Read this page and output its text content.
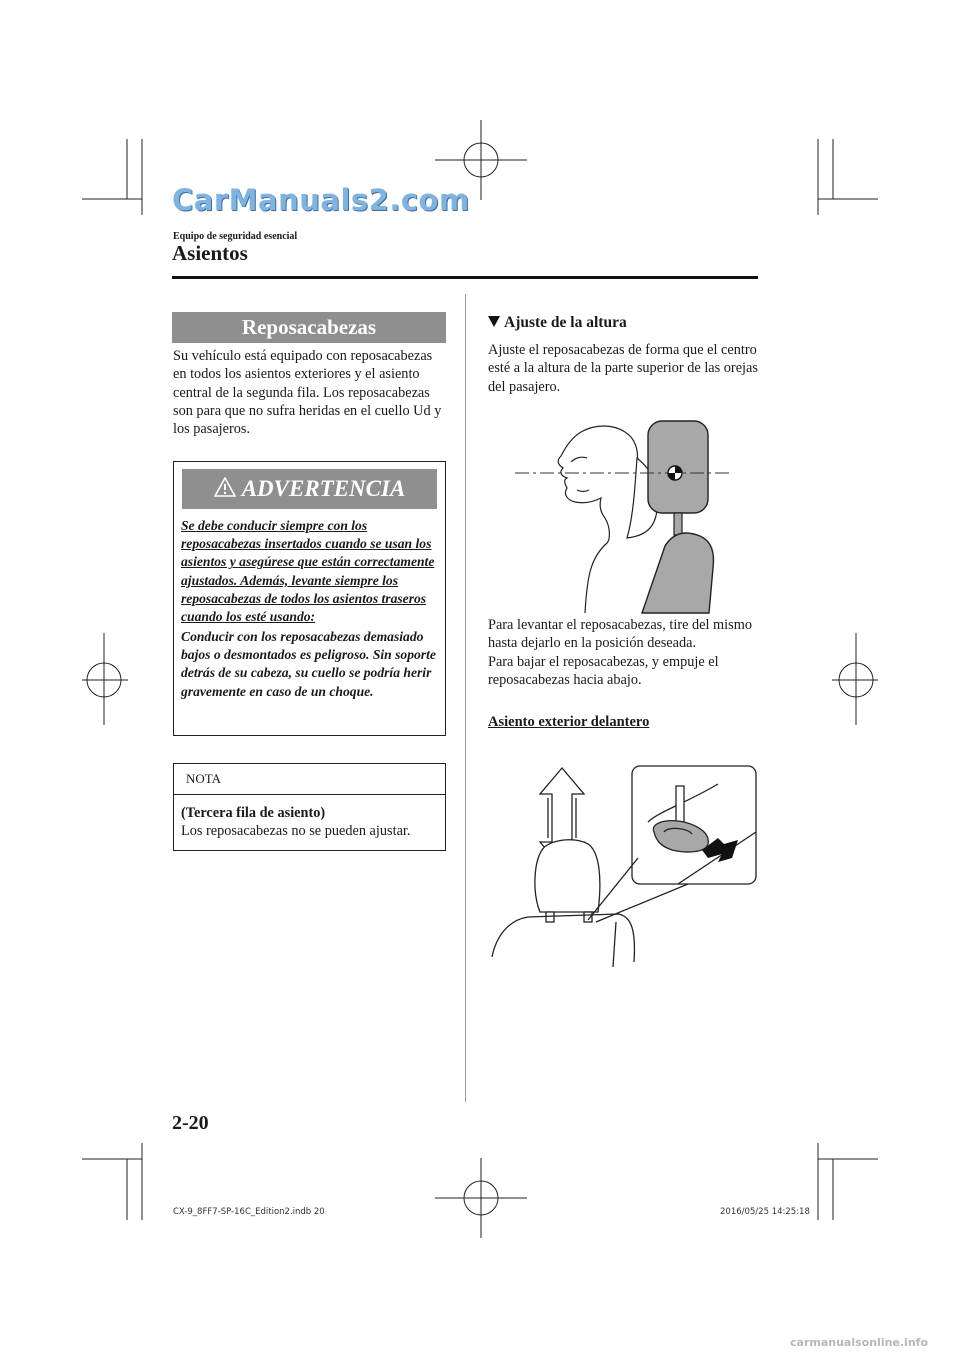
CarManuals2.com
Equipo de seguridad esencial
Asientos
Reposacabezas
Su vehículo está equipado con reposacabezas en todos los asientos exteriores y el asiento central de la segunda fila. Los reposacabezas son para que no sufra heridas en el cuello Ud y los pasajeros.
ADVERTENCIA
Se debe conducir siempre con los reposacabezas insertados cuando se usan los asientos y asegúrese que están correctamente ajustados. Además, levante siempre los reposacabezas de todos los asientos traseros cuando los esté usando:
Conducir con los reposacabezas demasiado bajos o desmontados es peligroso. Sin soporte detrás de su cabeza, su cuello se podría herir gravemente en caso de un choque.
NOTA
(Tercera fila de asiento)
Los reposacabezas no se pueden ajustar.
Ajuste de la altura
Ajuste el reposacabezas de forma que el centro esté a la altura de la parte superior de las orejas del pasajero.
Para levantar el reposacabezas, tire del mismo hasta dejarlo en la posición deseada.
Para bajar el reposacabezas, y empuje el reposacabezas hacia abajo.
Asiento exterior delantero
2-20
CX-9_8FF7-SP-16C_Edition2.indb 20	2016/05/25 14:25:18
carmanualsonline.info
